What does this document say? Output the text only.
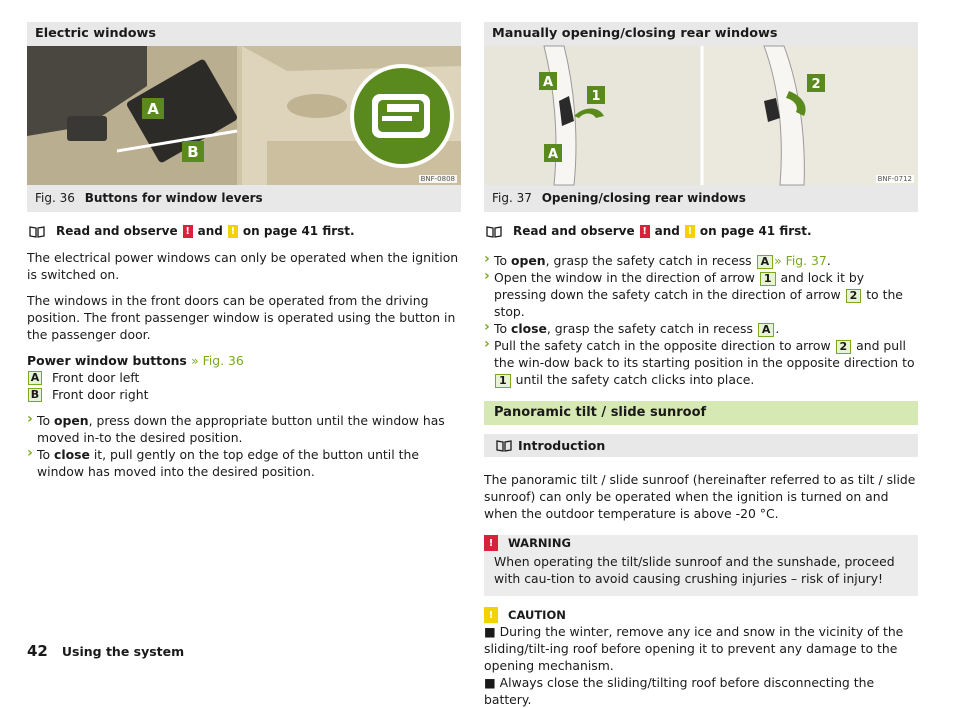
Electric windows
A
B
BNF-0808
Fig. 36 Buttons for window levers
Read and observe ! and ! on page 41 first.

The electrical power windows can only be operated when the ignition is switched on.

The windows in the front doors can be operated from the driving position. The front passenger window is operated using the button in the passenger door.

Power window buttons » Fig. 36

A Front door left
B Front door right
› To open, press down the appropriate button until the window has moved in-to the desired position.
› To close it, pull gently on the top edge of the button until the window has moved into the desired position.
Manually opening/closing rear windows
A
1
A
2
BNF-0712
Fig. 37 Opening/closing rear windows
Read and observe ! and ! on page 41 first.
› To open, grasp the safety catch in recess A » Fig. 37.
› Open the window in the direction of arrow 1 and lock it by pressing down the safety catch in the direction of arrow 2 to the stop.
› To close, grasp the safety catch in recess A .
› Pull the safety catch in the opposite direction to arrow 2 and pull the win-dow back to its starting position in the opposite direction to 1 until the safety catch clicks into place.
Panoramic tilt / slide sunroof
Introduction

The panoramic tilt / slide sunroof (hereinafter referred to as tilt / slide sunroof) can only be operated when the ignition is turned on and when the outdoor temperature is above -20 °C.

!	WARNING
When operating the tilt/slide sunroof and the sunshade, proceed with cau-tion to avoid causing crushing injuries – risk of injury!
!	CAUTION
■ During the winter, remove any ice and snow in the vicinity of the sliding/tilt-ing roof before opening it to prevent any damage to the opening mechanism.
■ Always close the sliding/tilting roof before disconnecting the battery.
42 Using the system
